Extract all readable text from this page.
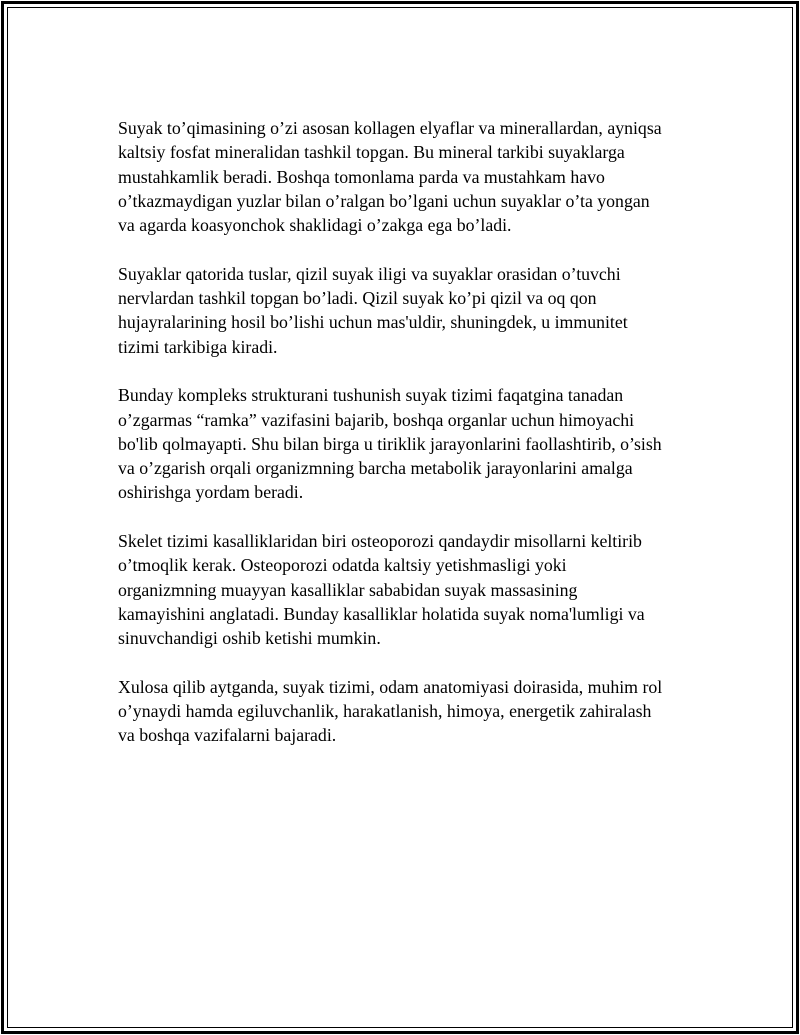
Suyak to’qimasining o’zi asosan kollagen elyaflar va minerallardan, ayniqsa
kaltsiy fosfat mineralidan tashkil topgan. Bu mineral tarkibi suyaklarga
mustahkamlik beradi. Boshqa tomonlama parda va mustahkam havo
o’tkazmaydigan yuzlar bilan o’ralgan bo’lgani uchun suyaklar o’ta yongan
va agarda koasyonchok shaklidagi o’zakga ega bo’ladi.
Suyaklar qatorida tuslar, qizil suyak iligi va suyaklar orasidan o’tuvchi
nervlardan tashkil topgan bo’ladi. Qizil suyak ko’pi qizil va oq qon
hujayralarining hosil bo’lishi uchun mas'uldir, shuningdek, u immunitet
tizimi tarkibiga kiradi.
Bunday kompleks strukturani tushunish suyak tizimi faqatgina tanadan
o’zgarmas “ramka” vazifasini bajarib, boshqa organlar uchun himoyachi
bo'lib qolmayapti. Shu bilan birga u tiriklik jarayonlarini faollashtirib, o’sish
va o’zgarish orqali organizmning barcha metabolik jarayonlarini amalga
oshirishga yordam beradi.
Skelet tizimi kasalliklaridan biri osteoporozi qandaydir misollarni keltirib
o’tmoqlik kerak. Osteoporozi odatda kaltsiy yetishmasligi yoki
organizmning muayyan kasalliklar sababidan suyak massasining
kamayishini anglatadi. Bunday kasalliklar holatida suyak noma'lumligi va
sinuvchandigi oshib ketishi mumkin.
Xulosa qilib aytganda, suyak tizimi, odam anatomiyasi doirasida, muhim rol
o’ynaydi hamda egiluvchanlik, harakatlanish, himoya, energetik zahiralash
va boshqa vazifalarni bajaradi.
